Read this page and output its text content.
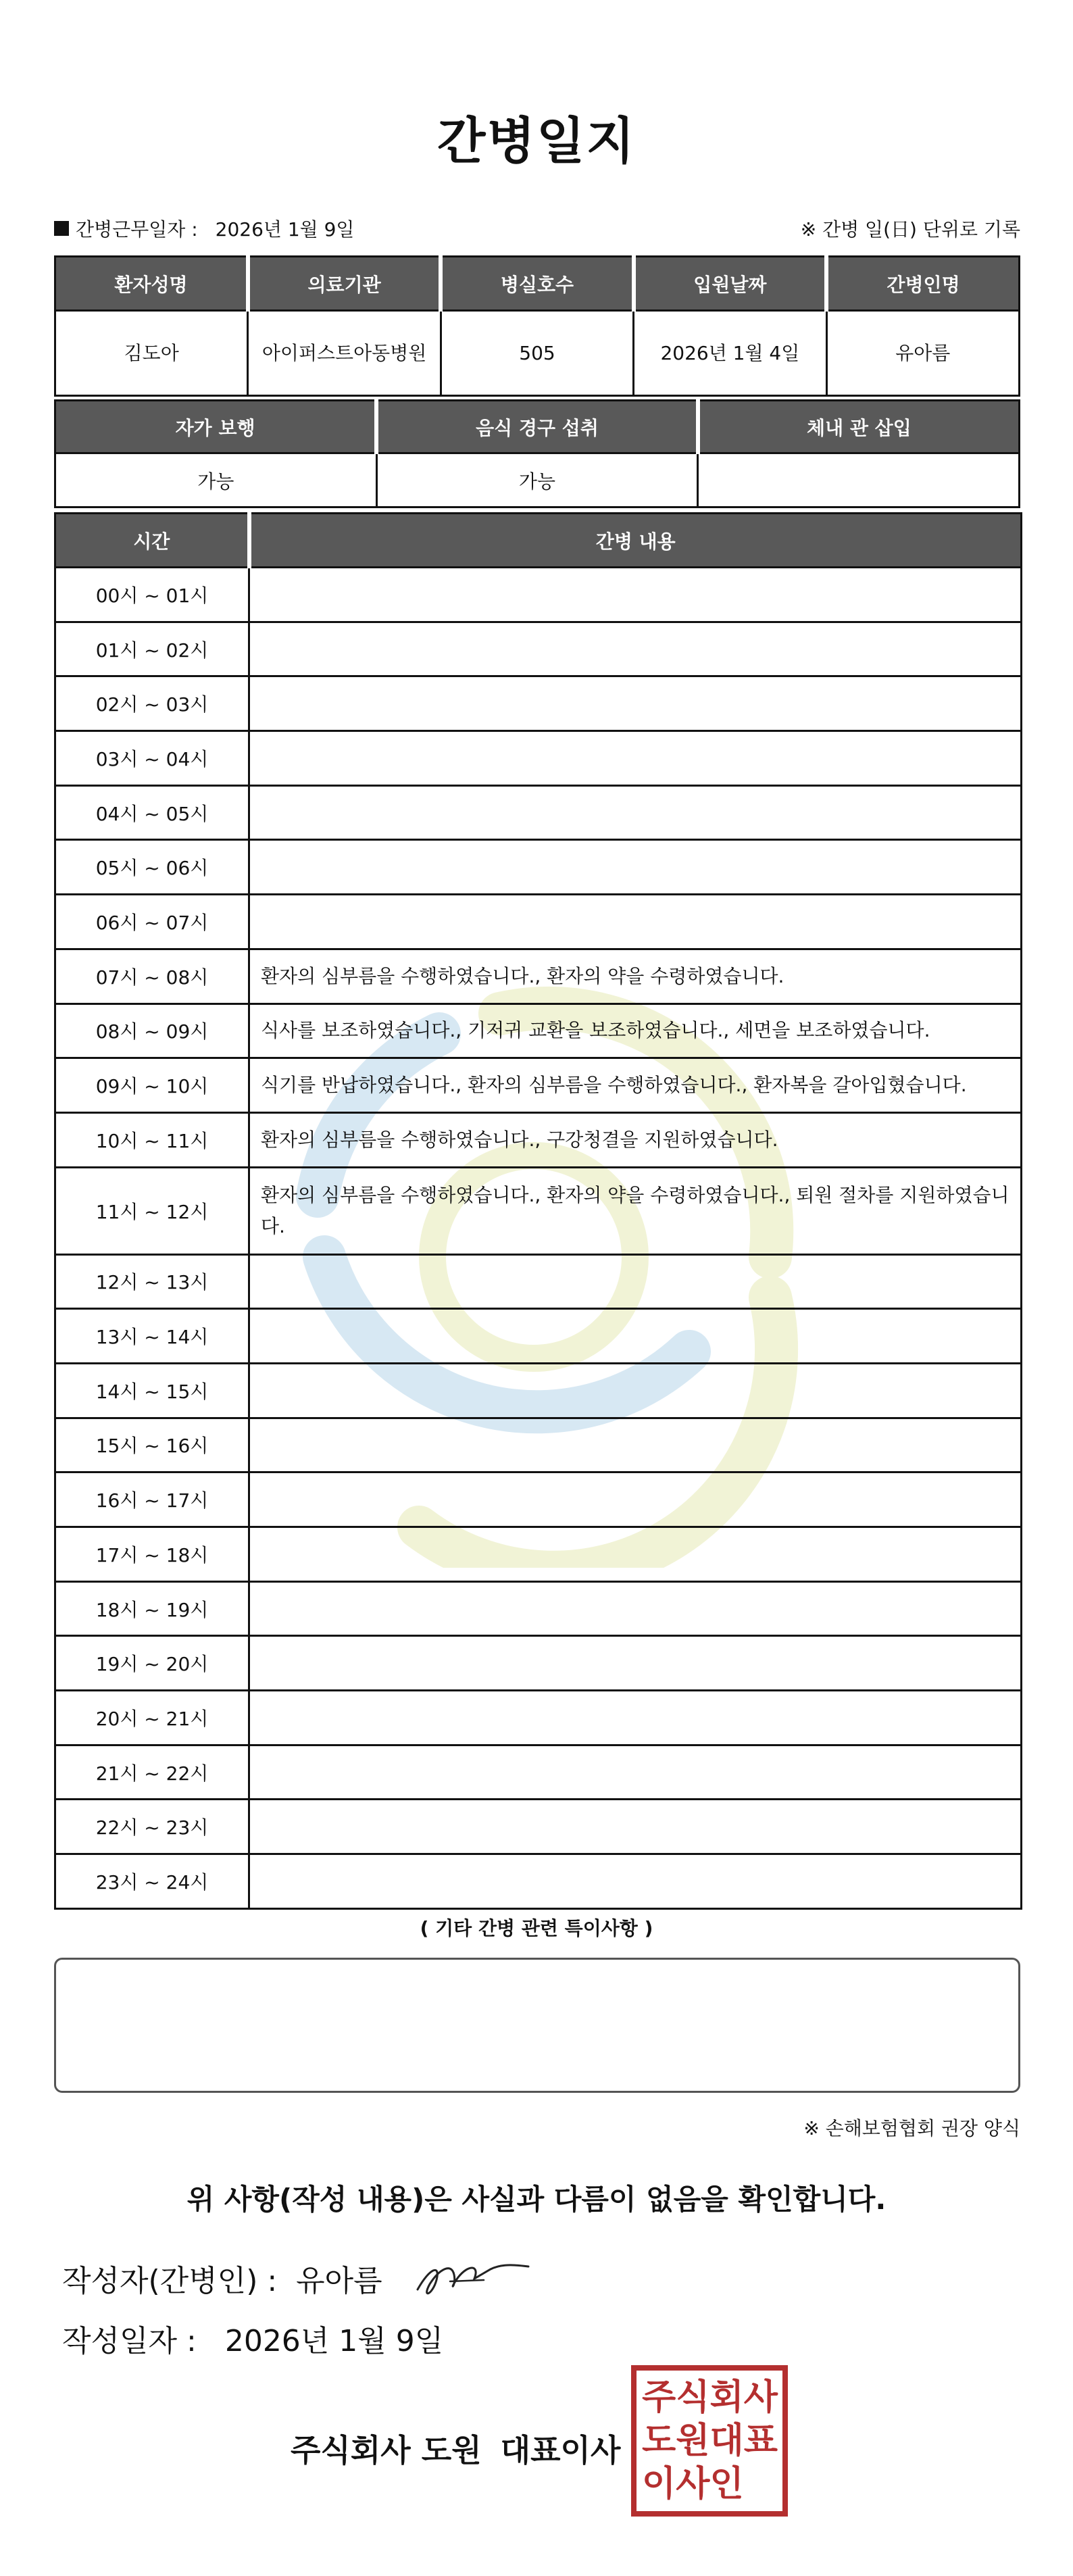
간병일지
간병근무일자 : 2026년 1월 9일	※ 간병 일(日) 단위로 기록
환자성명	의료기관	병실호수	입원날짜	간병인명
김도아	아이퍼스트아동병원	505	2026년 1월 4일	유아름
자가 보행	음식 경구 섭취	체내 관 삽입
가능	가능	
시간	간병 내용
00시 ~ 01시	
01시 ~ 02시	
02시 ~ 03시	
03시 ~ 04시	
04시 ~ 05시	
05시 ~ 06시	
06시 ~ 07시	
07시 ~ 08시	환자의 심부름을 수행하였습니다., 환자의 약을 수령하였습니다.
08시 ~ 09시	식사를 보조하였습니다., 기저귀 교환을 보조하였습니다., 세면을 보조하였습니다.
09시 ~ 10시	식기를 반납하였습니다., 환자의 심부름을 수행하였습니다., 환자복을 갈아입혔습니다.
10시 ~ 11시	환자의 심부름을 수행하였습니다., 구강청결을 지원하였습니다.
11시 ~ 12시	환자의 심부름을 수행하였습니다., 환자의 약을 수령하였습니다., 퇴원 절차를 지원하였습니다.
12시 ~ 13시	
13시 ~ 14시	
14시 ~ 15시	
15시 ~ 16시	
16시 ~ 17시	
17시 ~ 18시	
18시 ~ 19시	
19시 ~ 20시	
20시 ~ 21시	
21시 ~ 22시	
22시 ~ 23시	
23시 ~ 24시	
( 기타 간병 관련 특이사항 )
※ 손해보험협회 권장 양식
위 사항(작성 내용)은 사실과 다름이 없음을 확인합니다.
작성자(간병인) : 유아름
작성일자 : 2026년 1월 9일
주식회사 도원 대표이사
주 식 회 사
도 원 대 표
이 사 인
